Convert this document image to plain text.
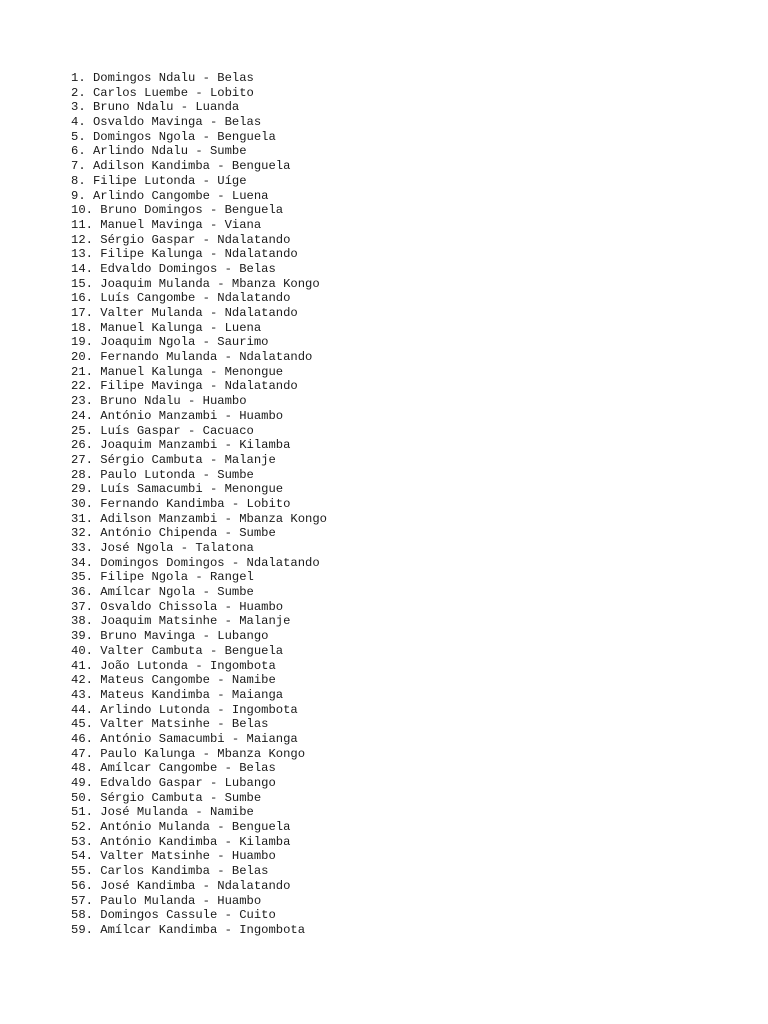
1. Domingos Ndalu - Belas
2. Carlos Luembe - Lobito
3. Bruno Ndalu - Luanda
4. Osvaldo Mavinga - Belas
5. Domingos Ngola - Benguela
6. Arlindo Ndalu - Sumbe
7. Adilson Kandimba - Benguela
8. Filipe Lutonda - Uíge
9. Arlindo Cangombe - Luena
10. Bruno Domingos - Benguela
11. Manuel Mavinga - Viana
12. Sérgio Gaspar - Ndalatando
13. Filipe Kalunga - Ndalatando
14. Edvaldo Domingos - Belas
15. Joaquim Mulanda - Mbanza Kongo
16. Luís Cangombe - Ndalatando
17. Valter Mulanda - Ndalatando
18. Manuel Kalunga - Luena
19. Joaquim Ngola - Saurimo
20. Fernando Mulanda - Ndalatando
21. Manuel Kalunga - Menongue
22. Filipe Mavinga - Ndalatando
23. Bruno Ndalu - Huambo
24. António Manzambi - Huambo
25. Luís Gaspar - Cacuaco
26. Joaquim Manzambi - Kilamba
27. Sérgio Cambuta - Malanje
28. Paulo Lutonda - Sumbe
29. Luís Samacumbi - Menongue
30. Fernando Kandimba - Lobito
31. Adilson Manzambi - Mbanza Kongo
32. António Chipenda - Sumbe
33. José Ngola - Talatona
34. Domingos Domingos - Ndalatando
35. Filipe Ngola - Rangel
36. Amílcar Ngola - Sumbe
37. Osvaldo Chissola - Huambo
38. Joaquim Matsinhe - Malanje
39. Bruno Mavinga - Lubango
40. Valter Cambuta - Benguela
41. João Lutonda - Ingombota
42. Mateus Cangombe - Namibe
43. Mateus Kandimba - Maianga
44. Arlindo Lutonda - Ingombota
45. Valter Matsinhe - Belas
46. António Samacumbi - Maianga
47. Paulo Kalunga - Mbanza Kongo
48. Amílcar Cangombe - Belas
49. Edvaldo Gaspar - Lubango
50. Sérgio Cambuta - Sumbe
51. José Mulanda - Namibe
52. António Mulanda - Benguela
53. António Kandimba - Kilamba
54. Valter Matsinhe - Huambo
55. Carlos Kandimba - Belas
56. José Kandimba - Ndalatando
57. Paulo Mulanda - Huambo
58. Domingos Cassule - Cuito
59. Amílcar Kandimba - Ingombota
